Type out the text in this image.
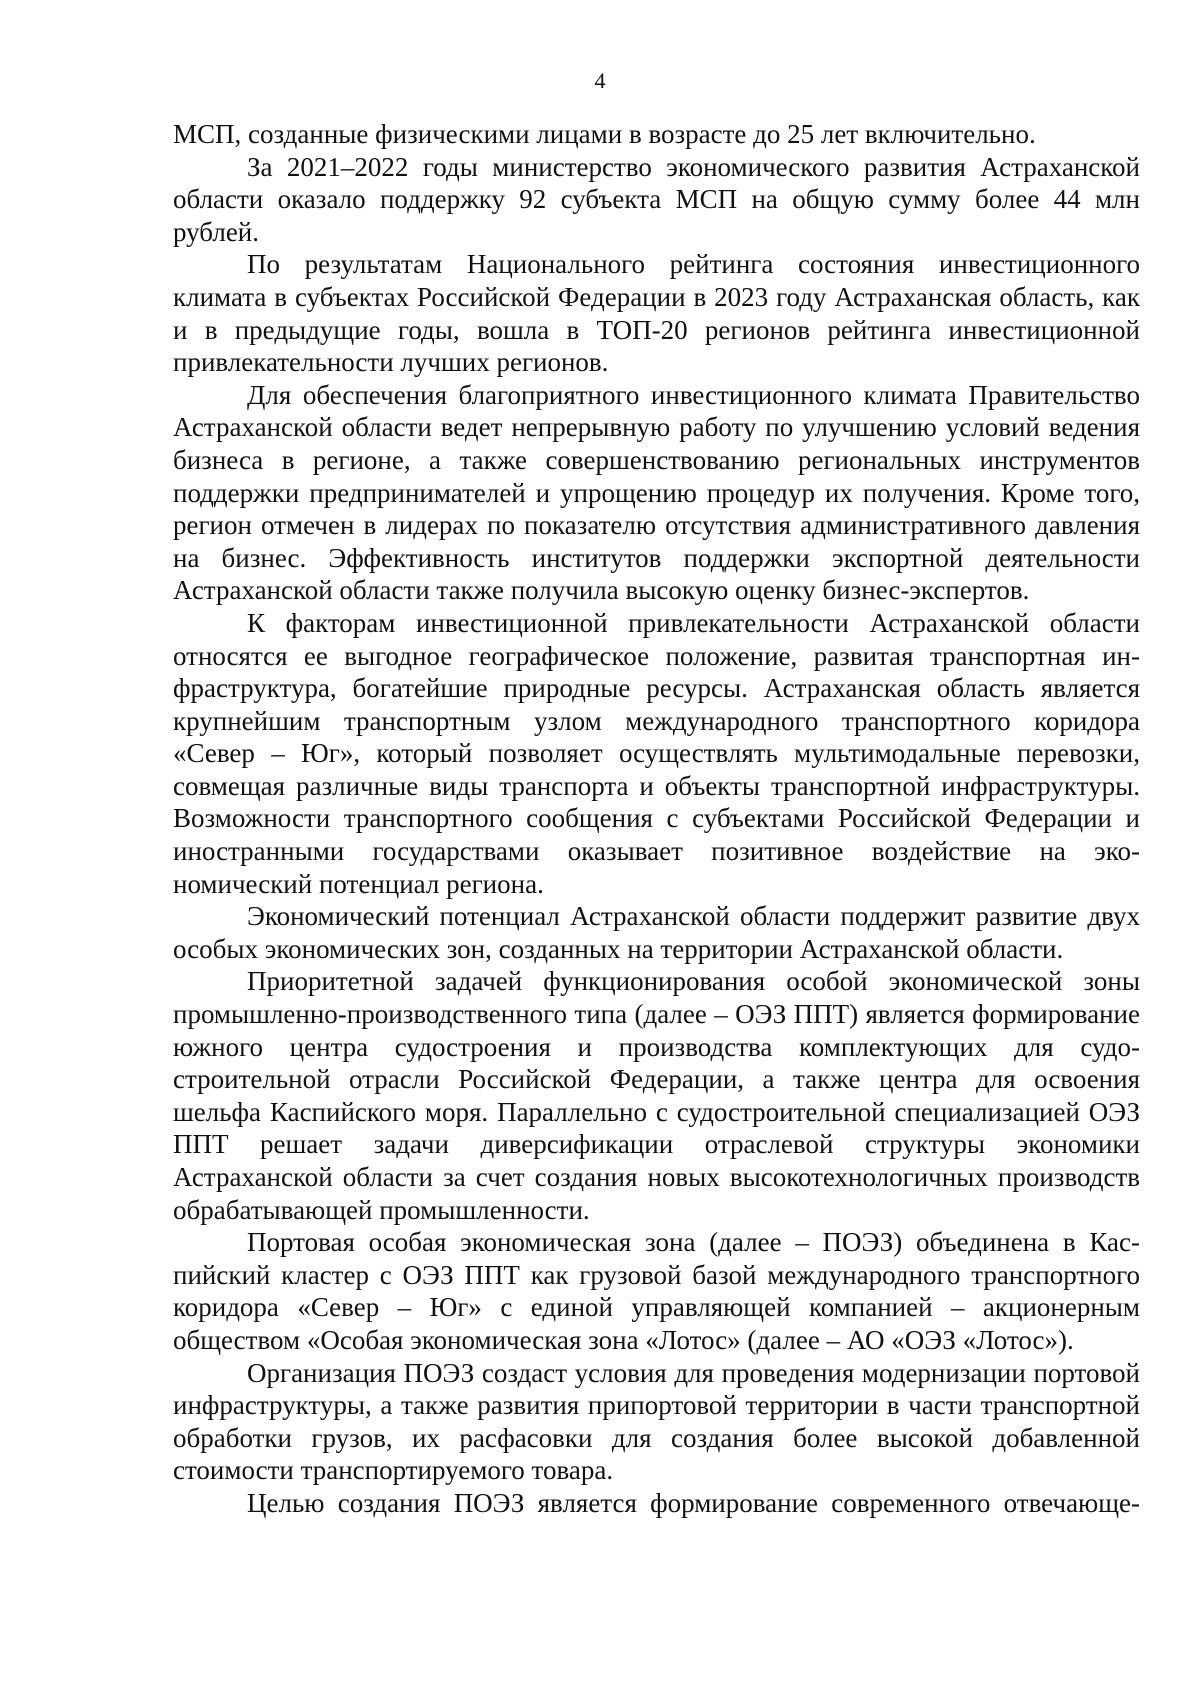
4

МСП, созданные физическими лицами в возрасте до 25 лет включительно.

За 2021–2022 годы министерство экономического развития Астраханской области оказало поддержку 92 субъекта МСП на общую сумму более 44 млн рублей.

По результатам Национального рейтинга состояния инвестиционного климата в субъектах Российской Федерации в 2023 году Астраханская область, как и в предыдущие годы, вошла в ТОП-20 регионов рейтинга инвестиционной привлекательности лучших регионов.

Для обеспечения благоприятного инвестиционного климата Правительство Астраханской области ведет непрерывную работу по улучшению условий ведения бизнеса в регионе, а также совершенствованию региональных инструментов поддержки предпринимателей и упрощению процедур их получения. Кроме того, регион отмечен в лидерах по показателю отсутствия административного давления на бизнес. Эффективность институтов поддержки экспортной деятельности Астраханской области также получила высокую оценку бизнес-экспертов.

К факторам инвестиционной привлекательности Астраханской области относятся ее выгодное географическое положение, развитая транспортная инфраструктура, богатейшие природные ресурсы. Астраханская область является крупнейшим транспортным узлом международного транспортного коридора «Север – Юг», который позволяет осуществлять мультимодальные перевозки, совмещая различные виды транспорта и объекты транспортной инфраструктуры. Возможности транспортного сообщения с субъектами Российской Федерации и иностранными государствами оказывает позитивное воздействие на экономический потенциал региона.

Экономический потенциал Астраханской области поддержит развитие двух особых экономических зон, созданных на территории Астраханской области.

Приоритетной задачей функционирования особой экономической зоны промышленно-производственного типа (далее – ОЭЗ ППТ) является формирование южного центра судостроения и производства комплектующих для судостроительной отрасли Российской Федерации, а также центра для освоения шельфа Каспийского моря. Параллельно с судостроительной специализацией ОЭЗ ППТ решает задачи диверсификации отраслевой структуры экономики Астраханской области за счет создания новых высокотехнологичных производств обрабатывающей промышленности.

Портовая особая экономическая зона (далее – ПОЭЗ) объединена в Каспийский кластер с ОЭЗ ППТ как грузовой базой международного транспортного коридора «Север – Юг» с единой управляющей компанией – акционерным обществом «Особая экономическая зона «Лотос» (далее – АО «ОЭЗ «Лотос»).

Организация ПОЭЗ создаст условия для проведения модернизации портовой инфраструктуры, а также развития припортовой территории в части транспортной обработки грузов, их расфасовки для создания более высокой добавленной стоимости транспортируемого товара.

Целью создания ПОЭЗ является формирование современного отвечающе-
